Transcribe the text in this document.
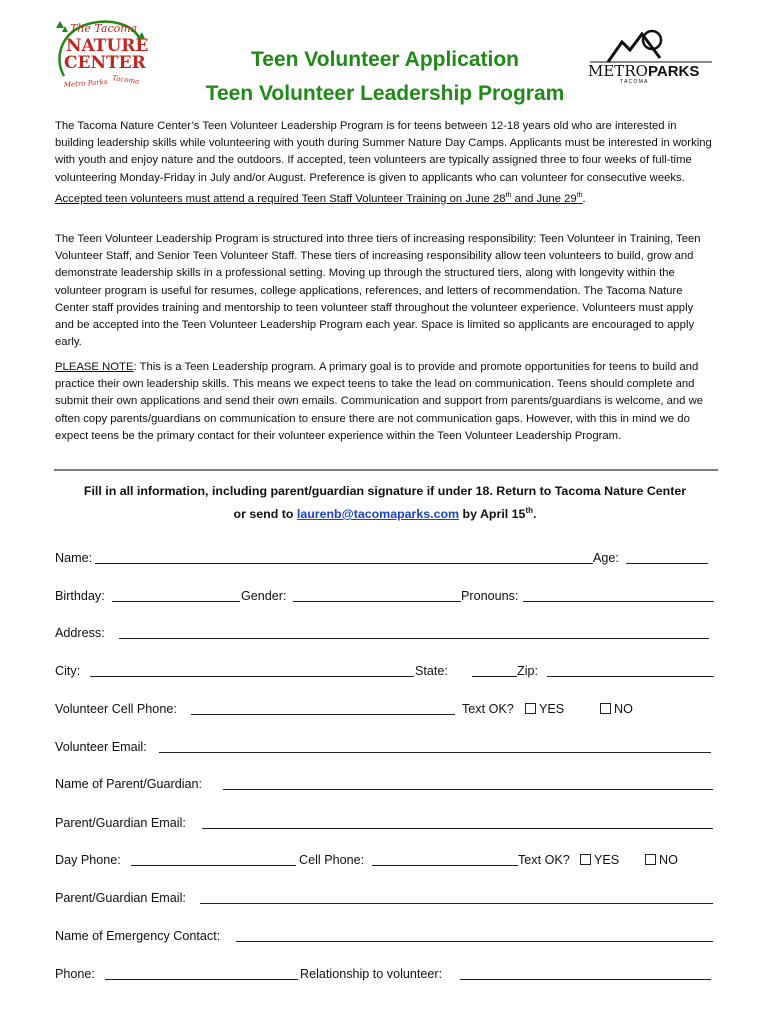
The Tacoma
NATURE
CENTER
Metro Parks Tacoma	METRO PARKS
T A C O M A
Teen Volunteer Application
Teen Volunteer Leadership Program

The Tacoma Nature Center’s Teen Volunteer Leadership Program is for teens between 12-18 years old who are interested in building leadership skills while volunteering with youth during Summer Nature Day Camps. Applicants must be interested in working with youth and enjoy nature and the outdoors. If accepted, teen volunteers are typically assigned three to four weeks of full-time volunteering Monday-Friday in July and/or August. Preference is given to applicants who can volunteer for consecutive weeks. Accepted teen volunteers must attend a required Teen Staff Volunteer Training on June 28th and June 29th.

The Teen Volunteer Leadership Program is structured into three tiers of increasing responsibility: Teen Volunteer in Training, Teen Volunteer Staff, and Senior Teen Volunteer Staff. These tiers of increasing responsibility allow teen volunteers to build, grow and demonstrate leadership skills in a professional setting. Moving up through the structured tiers, along with longevity within the volunteer program is useful for resumes, college applications, references, and letters of recommendation. The Tacoma Nature Center staff provides training and mentorship to teen volunteer staff throughout the volunteer experience. Volunteers must apply and be accepted into the Teen Volunteer Leadership Program each year. Space is limited so applicants are encouraged to apply early.

PLEASE NOTE: This is a Teen Leadership program. A primary goal is to provide and promote opportunities for teens to build and practice their own leadership skills. This means we expect teens to take the lead on communication. Teens should complete and submit their own applications and send their own emails. Communication and support from parents/guardians is welcome, and we often copy parents/guardians on communication to ensure there are not communication gaps. However, with this in mind we do expect teens be the primary contact for their volunteer experience within the Teen Volunteer Leadership Program.

Fill in all information, including parent/guardian signature if under 18. Return to Tacoma Nature Center
or send to laurenb@tacomaparks.com by April 15th.
Name:	Age:
Birthday:	Gender:	Pronouns:
Address:
City:	State:	Zip:
Volunteer Cell Phone:	Text OK?	YES	NO
Volunteer Email:
Name of Parent/Guardian:
Parent/Guardian Email:
Day Phone:	Cell Phone:	Text OK?	YES	NO
Parent/Guardian Email:
Name of Emergency Contact:
Phone:	Relationship to volunteer:
